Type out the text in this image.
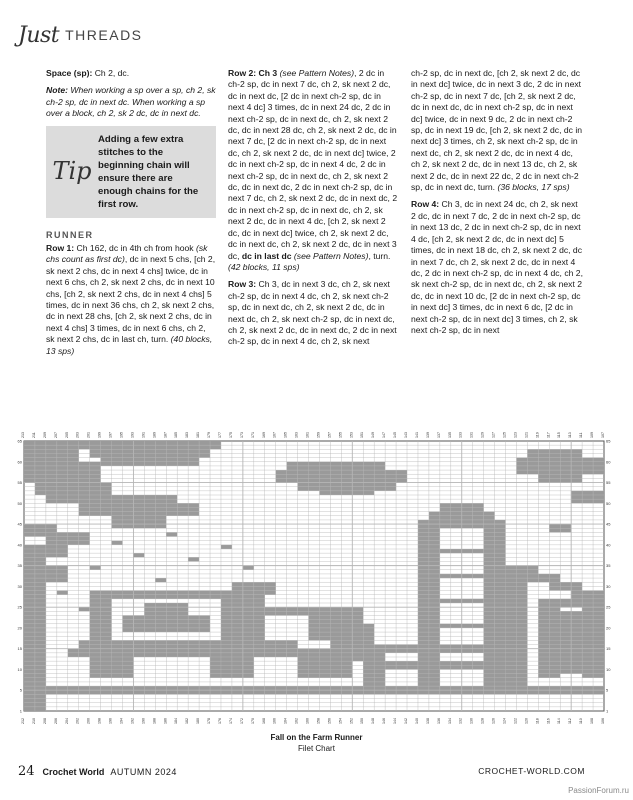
Just THREADS

Space (sp): Ch 2, dc.

Note: When working a sp over a sp, ch 2, sk ch-2 sp, dc in next dc. When working a sp over a block, ch 2, sk 2 dc, dc in next dc.

Tip
Adding a few extra stitches to the beginning chain will ensure there are enough chains for the first row.
RUNNER

Row 1: Ch 162, dc in 4th ch from hook (sk chs count as first dc), dc in next 5 chs, [ch 2, sk next 2 chs, dc in next 4 chs] twice, dc in next 6 chs, ch 2, sk next 2 chs, dc in next 10 chs, [ch 2, sk next 2 chs, dc in next 4 chs] 5 times, dc in next 36 chs, ch 2, sk next 2 chs, dc in next 28 chs, [ch 2, sk next 2 chs, dc in next 4 chs] 3 times, dc in next 6 chs, ch 2, sk next 2 chs, dc in last ch, turn. (40 blocks, 13 sps)

Row 2: Ch 3 (see Pattern Notes), 2 dc in ch-2 sp, dc in next 7 dc, ch 2, sk next 2 dc, dc in next dc, [2 dc in next ch-2 sp, dc in next 4 dc] 3 times, dc in next 24 dc, 2 dc in next ch-2 sp, dc in next dc, ch 2, sk next 2 dc, dc in next 28 dc, ch 2, sk next 2 dc, dc in next 7 dc, [2 dc in next ch-2 sp, dc in next dc, ch 2, sk next 2 dc, dc in next dc] twice, 2 dc in next ch-2 sp, dc in next 4 dc, 2 dc in next ch-2 sp, dc in next dc, ch 2, sk next 2 dc, dc in next dc, 2 dc in next ch-2 sp, dc in next 7 dc, ch 2, sk next 2 dc, dc in next dc, 2 dc in next ch-2 sp, dc in next dc, ch 2, sk next 2 dc, dc in next 4 dc, [ch 2, sk next 2 dc, dc in next dc] twice, ch 2, sk next 2 dc, dc in next dc, ch 2, sk next 2 dc, dc in next 3 dc, dc in last dc (see Pattern Notes), turn. (42 blocks, 11 sps)

Row 3: Ch 3, dc in next 3 dc, ch 2, sk next ch-2 sp, dc in next 4 dc, ch 2, sk next ch-2 sp, dc in next dc, ch 2, sk next 2 dc, dc in next dc, ch 2, sk next ch-2 sp, dc in next dc, ch 2, sk next 2 dc, dc in next dc, 2 dc in next ch-2 sp, dc in next 4 dc, ch 2, sk next

ch-2 sp, dc in next dc, [ch 2, sk next 2 dc, dc in next dc] twice, dc in next 3 dc, 2 dc in next ch-2 sp, dc in next 7 dc, [ch 2, sk next 2 dc, dc in next dc, dc in next ch-2 sp, dc in next dc] twice, dc in next 9 dc, 2 dc in next ch-2 sp, dc in next 19 dc, [ch 2, sk next 2 dc, dc in next dc] 3 times, ch 2, sk next ch-2 sp, dc in next dc, ch 2, sk next 2 dc, dc in next 4 dc, ch 2, sk next 2 dc, dc in next 13 dc, ch 2, sk next 2 dc, dc in next 22 dc, 2 dc in next ch-2 sp, dc in next dc, turn. (36 blocks, 17 sps)

Row 4: Ch 3, dc in next 24 dc, ch 2, sk next 2 dc, dc in next 7 dc, 2 dc in next ch-2 sp, dc in next 13 dc, 2 dc in next ch-2 sp, dc in next 4 dc, [ch 2, sk next 2 dc, dc in next dc] 5 times, dc in next 18 dc, ch 2, sk next 2 dc, dc in next 7 dc, ch 2, sk next 2 dc, dc in next 4 dc, 2 dc in next ch-2 sp, dc in next 4 dc, ch 2, sk next ch-2 sp, dc in next dc, ch 2, sk next 2 dc, dc in next 10 dc, [2 dc in next ch-2 sp, dc in next dc] 3 times, dc in next 6 dc, [2 dc in next ch-2 sp, dc in next dc] 3 times, ch 2, sk next ch-2 sp, dc in next

213 211 209 207 205 203 201 199 197 195 193 191 189 187 185 183 181 179 177 175 173 171 169 167 165 163 161 159 157 155 153 151 149 147 145 143 141 139 137 135 133 131 129 127 125 123 121 119 117 115 113 111 109 107
212 210 208 206 204 202 200 198 196 194 192 190 188 186 184 182 180 178 176 174 172 170 168 166 164 162 160 158 156 154 152 150 148 146 144 142 140 138 136 134 132 130 128 126 124 122 120 118 116 114 112 110 108 106
65
60
55
50
45
40
35
30
25
20
15
10
5
1
65
60
55
50
45
40
35
30
25
20
15
10
5
1
Fall on the Farm Runner
Filet Chart
24 Crochet World AUTUMN 2024	CROCHET-WORLD.COM
PassionForum.ru
